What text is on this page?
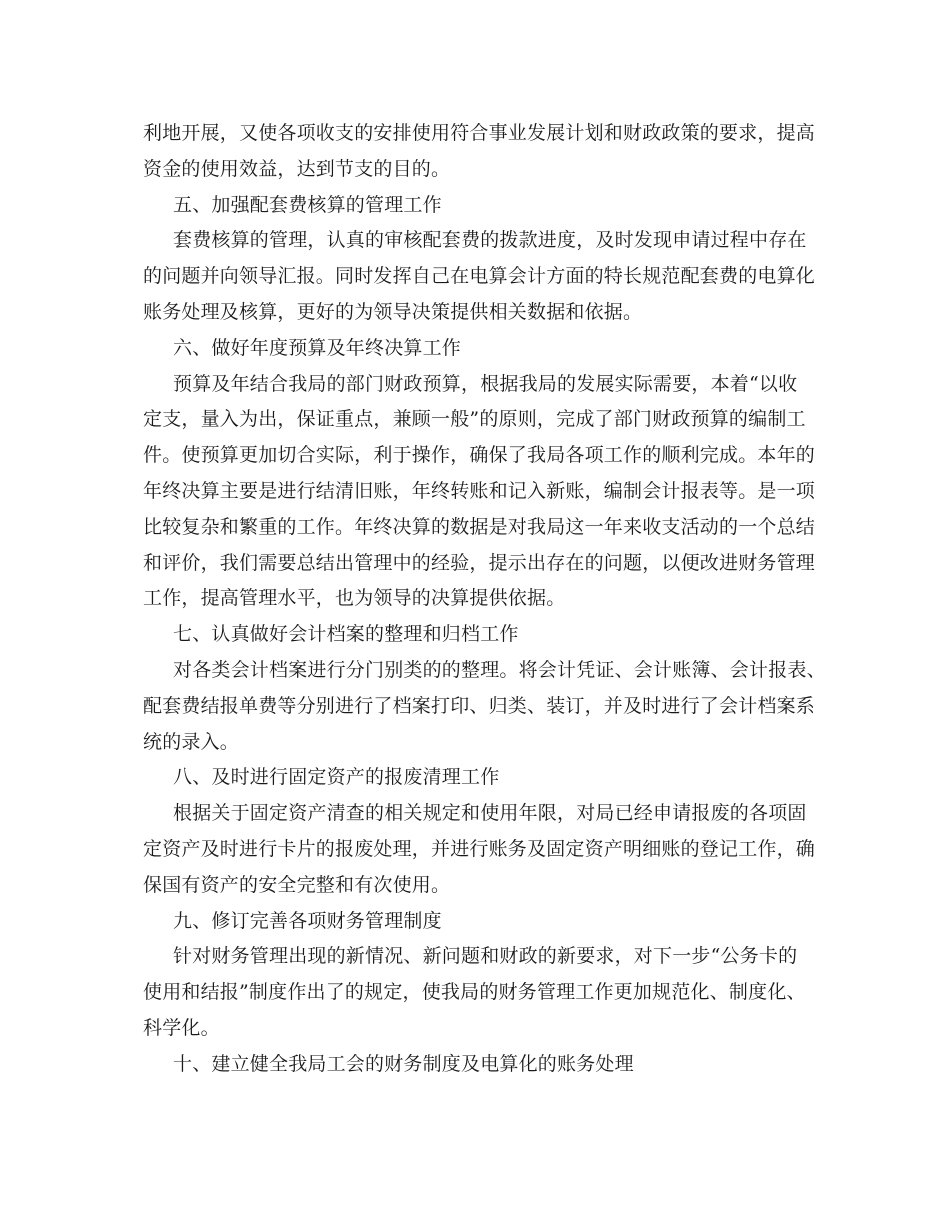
利地开展，又使各项收支的安排使用符合事业发展计划和财政政策的要求，提高
资金的使用效益，达到节支的目的。
五、加强配套费核算的管理工作
套费核算的管理，认真的审核配套费的拨款进度，及时发现申请过程中存在
的问题并向领导汇报。同时发挥自己在电算会计方面的特长规范配套费的电算化
账务处理及核算，更好的为领导决策提供相关数据和依据。
六、做好年度预算及年终决算工作
预算及年结合我局的部门财政预算，根据我局的发展实际需要，本着“以收
定支，量入为出，保证重点，兼顾一般”的原则，完成了部门财政预算的编制工
件。使预算更加切合实际，利于操作，确保了我局各项工作的顺利完成。本年的
年终决算主要是进行结清旧账，年终转账和记入新账，编制会计报表等。是一项
比较复杂和繁重的工作。年终决算的数据是对我局这一年来收支活动的一个总结
和评价，我们需要总结出管理中的经验，提示出存在的问题，以便改进财务管理
工作，提高管理水平，也为领导的决算提供依据。
七、认真做好会计档案的整理和归档工作
对各类会计档案进行分门别类的的整理。将会计凭证、会计账簿、会计报表、
配套费结报单费等分别进行了档案打印、归类、装订，并及时进行了会计档案系
统的录入。
八、及时进行固定资产的报废清理工作
根据关于固定资产清查的相关规定和使用年限，对局已经申请报废的各项固
定资产及时进行卡片的报废处理，并进行账务及固定资产明细账的登记工作，确
保国有资产的安全完整和有次使用。
九、修订完善各项财务管理制度
针对财务管理出现的新情况、新问题和财政的新要求，对下一步“公务卡的
使用和结报”制度作出了的规定，使我局的财务管理工作更加规范化、制度化、
科学化。
十、建立健全我局工会的财务制度及电算化的账务处理
